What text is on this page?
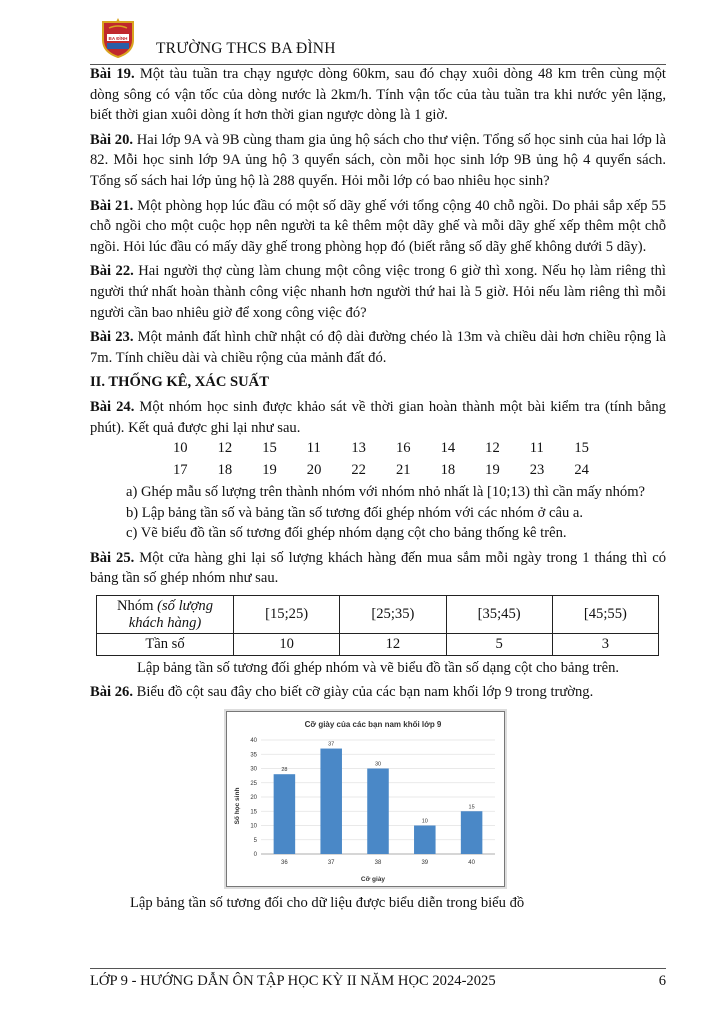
BA ĐÌNH
TRƯỜNG THCS BA ĐÌNH

Bài 19. Một tàu tuần tra chạy ngược dòng 60km, sau đó chạy xuôi dòng 48 km trên cùng một dòng sông có vận tốc của dòng nước là 2km/h. Tính vận tốc của tàu tuần tra khi nước yên lặng, biết thời gian xuôi dòng ít hơn thời gian ngược dòng là 1 giờ.

Bài 20. Hai lớp 9A và 9B cùng tham gia ủng hộ sách cho thư viện. Tổng số học sinh của hai lớp là 82. Mỗi học sinh lớp 9A ủng hộ 3 quyển sách, còn mỗi học sinh lớp 9B ủng hộ 4 quyển sách. Tổng số sách hai lớp ủng hộ là 288 quyển. Hỏi mỗi lớp có bao nhiêu học sinh?

Bài 21. Một phòng họp lúc đầu có một số dãy ghế với tổng cộng 40 chỗ ngồi. Do phải sắp xếp 55 chỗ ngồi cho một cuộc họp nên người ta kê thêm một dãy ghế và mỗi dãy ghế xếp thêm một chỗ ngồi. Hỏi lúc đầu có mấy dãy ghế trong phòng họp đó (biết rằng số dãy ghế không dưới 5 dãy).

Bài 22. Hai người thợ cùng làm chung một công việc trong 6 giờ thì xong. Nếu họ làm riêng thì người thứ nhất hoàn thành công việc nhanh hơn người thứ hai là 5 giờ. Hỏi nếu làm riêng thì mỗi người cần bao nhiêu giờ để xong công việc đó?

Bài 23. Một mảnh đất hình chữ nhật có độ dài đường chéo là 13m và chiều dài hơn chiều rộng là 7m. Tính chiều dài và chiều rộng của mảnh đất đó.

II. THỐNG KÊ, XÁC SUẤT

Bài 24. Một nhóm học sinh được khảo sát về thời gian hoàn thành một bài kiểm tra (tính bằng phút). Kết quả được ghi lại như sau.

10	12	15	11	13	16	14	12	11	15
17	18	19	20	22	21	18	19	23	24

a) Ghép mẫu số lượng trên thành nhóm với nhóm nhỏ nhất là [10;13) thì cần mấy nhóm?

b) Lập bảng tần số và bảng tần số tương đối ghép nhóm với các nhóm ở câu a.

c) Vẽ biểu đồ tần số tương đối ghép nhóm dạng cột cho bảng thống kê trên.

Bài 25. Một cửa hàng ghi lại số lượng khách hàng đến mua sắm mỗi ngày trong 1 tháng thì có bảng tần số ghép nhóm như sau.

Nhóm (số lượng khách hàng)	[15;25)	[25;35)	[35;45)	[45;55)
Tần số	10	12	5	3

Lập bảng tần số tương đối ghép nhóm và vẽ biểu đồ tần số dạng cột cho bảng trên.

Bài 26. Biểu đồ cột sau đây cho biết cỡ giày của các bạn nam khối lớp 9 trong trường.

Cỡ giày của các bạn nam khối lớp 9
Số học sinh
Cỡ giày
0
5
10
15
20
25
30
35
40
28
36
37
37
30
38
10
39
15
40

Lập bảng tần số tương đối cho dữ liệu được biểu diễn trong biểu đồ

LỚP 9 - HƯỚNG DẪN ÔN TẬP HỌC KỲ II NĂM HỌC 2024-2025	6
